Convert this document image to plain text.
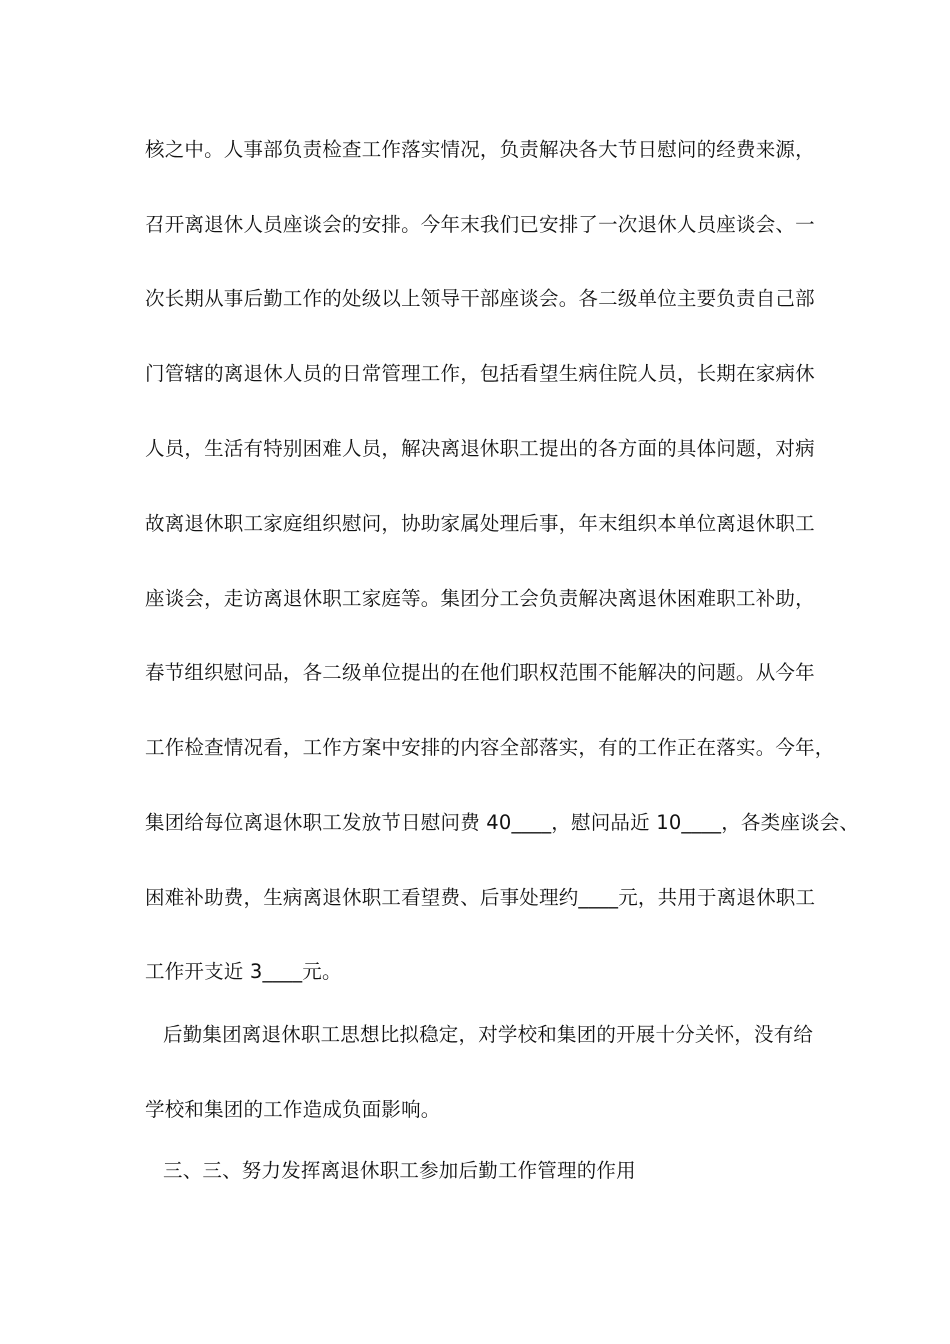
核之中。人事部负责检查工作落实情况，负责解决各大节日慰问的经费来源，
召开离退休人员座谈会的安排。今年末我们已安排了一次退休人员座谈会、一
次长期从事后勤工作的处级以上领导干部座谈会。各二级单位主要负责自己部
门管辖的离退休人员的日常管理工作，包括看望生病住院人员，长期在家病休
人员，生活有特别困难人员，解决离退休职工提出的各方面的具体问题，对病
故离退休职工家庭组织慰问，协助家属处理后事，年末组织本单位离退休职工
座谈会，走访离退休职工家庭等。集团分工会负责解决离退休困难职工补助，
春节组织慰问品，各二级单位提出的在他们职权范围不能解决的问题。从今年
工作检查情况看，工作方案中安排的内容全部落实，有的工作正在落实。今年，
集团给每位离退休职工发放节日慰问费 40____，慰问品近 10____，各类座谈会、
困难补助费，生病离退休职工看望费、后事处理约____元，共用于离退休职工
工作开支近 3____元。
后勤集团离退休职工思想比拟稳定，对学校和集团的开展十分关怀，没有给
学校和集团的工作造成负面影响。
三、三、努力发挥离退休职工参加后勤工作管理的作用
